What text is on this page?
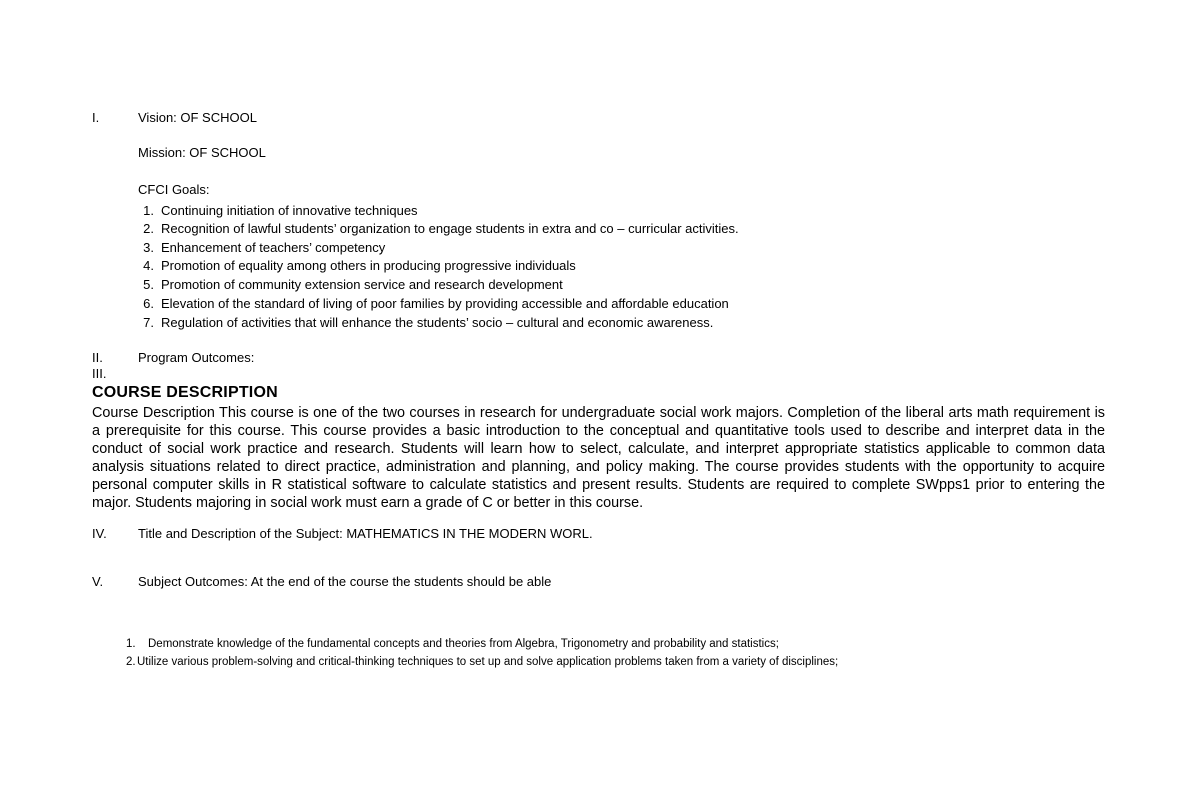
I.	Vision: OF SCHOOL
Mission: OF SCHOOL
CFCI Goals:
1. Continuing initiation of innovative techniques
2. Recognition of lawful students’ organization to engage students in extra and co – curricular activities.
3. Enhancement of teachers’ competency
4. Promotion of equality among others in producing progressive individuals
5. Promotion of community extension service and research development
6. Elevation of the standard of living of poor families by providing accessible and affordable education
7. Regulation of activities that will enhance the students’ socio – cultural and economic awareness.
II.	Program Outcomes:
III.
COURSE DESCRIPTION
Course Description This course is one of the two courses in research for undergraduate social work majors. Completion of the liberal arts math requirement is a prerequisite for this course. This course provides a basic introduction to the conceptual and quantitative tools used to describe and interpret data in the conduct of social work practice and research. Students will learn how to select, calculate, and interpret appropriate statistics applicable to common data analysis situations related to direct practice, administration and planning, and policy making. The course provides students with the opportunity to acquire personal computer skills in R statistical software to calculate statistics and present results. Students are required to complete SWpps1 prior to entering the major. Students majoring in social work must earn a grade of C or better in this course.
IV. Title and Description of the Subject: MATHEMATICS IN THE MODERN WORL.
V.	Subject Outcomes: At the end of the course the students should be able
1. Demonstrate knowledge of the fundamental concepts and theories from Algebra, Trigonometry and probability and statistics;
2. Utilize various problem-solving and critical-thinking techniques to set up and solve application problems taken from a variety of disciplines;
